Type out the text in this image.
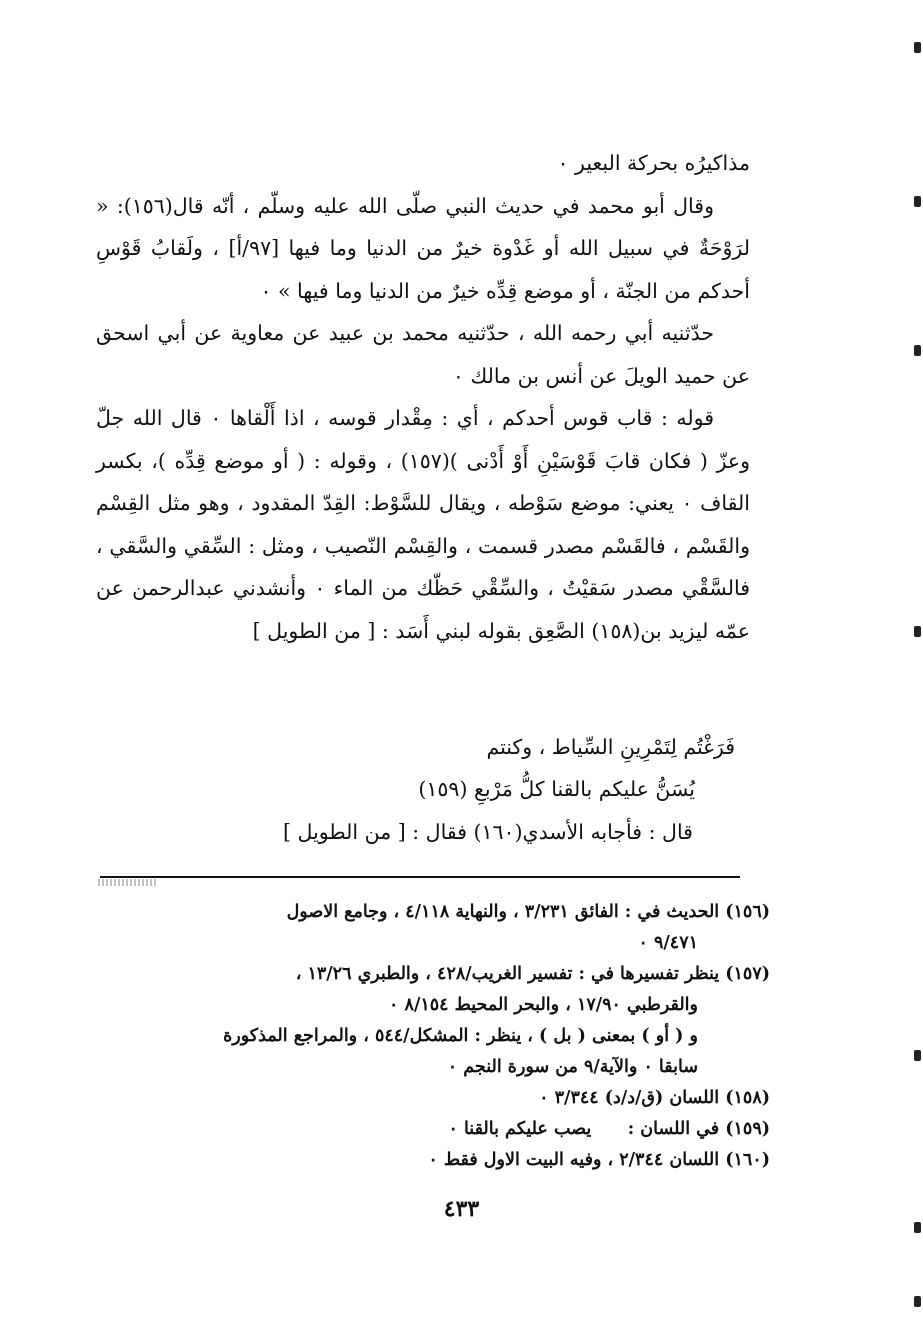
مذاكيرُه بحركة البعير ٠

وقال أبو محمد في حديث النبي صلّى الله عليه وسلّم ، أنّه قال(١٥٦): « لرَوْحَةٌ في سبيل الله أو غَدْوة خيرٌ من الدنيا وما فيها [٩٧/أ] ، ولَقابُ قَوْسِ أحدكم من الجنّة ، أو موضع قِدِّه خيرٌ من الدنيا وما فيها » ٠

حدّثنيه أبي رحمه الله ، حدّثنيه محمد بن عبيد عن معاوية عن أبي اسحق عن حميد الويلَ عن أنس بن مالك ٠

قوله : قاب قوس أحدكم ، أي : مِقْدار قوسه ، اذا أَلْقاها ٠ قال الله جلّ وعزّ ( فكان قابَ قَوْسَيْنِ أَوْ أَدْنى )(١٥٧) ، وقوله : ( أو موضع قِدِّه )، بكسر القاف ٠ يعني: موضع سَوْطه ، ويقال للسَّوْط: القِدّ المقدود ، وهو مثل القِسْم والقَسْم ، فالقَسْم مصدر قسمت ، والقِسْم النّصيب ، ومثل : السِّقي والسَّقي ، فالسَّقْي مصدر سَقيْتُ ، والسِّقْي حَظّك من الماء ٠ وأنشدني عبدالرحمن عن عمّه ليزيد بن(١٥٨) الصَّعِق بقوله لبني أَسَد : [ من الطويل ]

فَرَغْتُم لِتَمْرِينِ السِّياط ، وكنتم
يُسَنُّ عليكم بالقنا كلُّ مَرْبعِ (١٥٩)
قال : فأجابه الأسدي(١٦٠) فقال : [ من الطويل ]
(١٥٦) الحديث في : الفائق ٣/٢٣١ ، والنهاية ٤/١١٨ ، وجامع الاصول
٩/٤٧١ ٠
(١٥٧) ينظر تفسيرها في : تفسير الغريب/٤٢٨ ، والطبري ١٣/٢٦ ،
والقرطبي ١٧/٩٠ ، والبحر المحيط ٨/١٥٤ ٠
و ( أو ) بمعنى ( بل ) ، ينظر : المشكل/٥٤٤ ، والمراجع المذكورة
سابقا ٠ والآية/٩ من سورة النجم ٠
(١٥٨) اللسان (ق/د/د) ٣/٣٤٤ ٠
(١٥٩) في اللسان :      يصب عليكم بالقنا ٠
(١٦٠) اللسان ٢/٣٤٤ ، وفيه البيت الاول فقط ٠
٤٣٣
